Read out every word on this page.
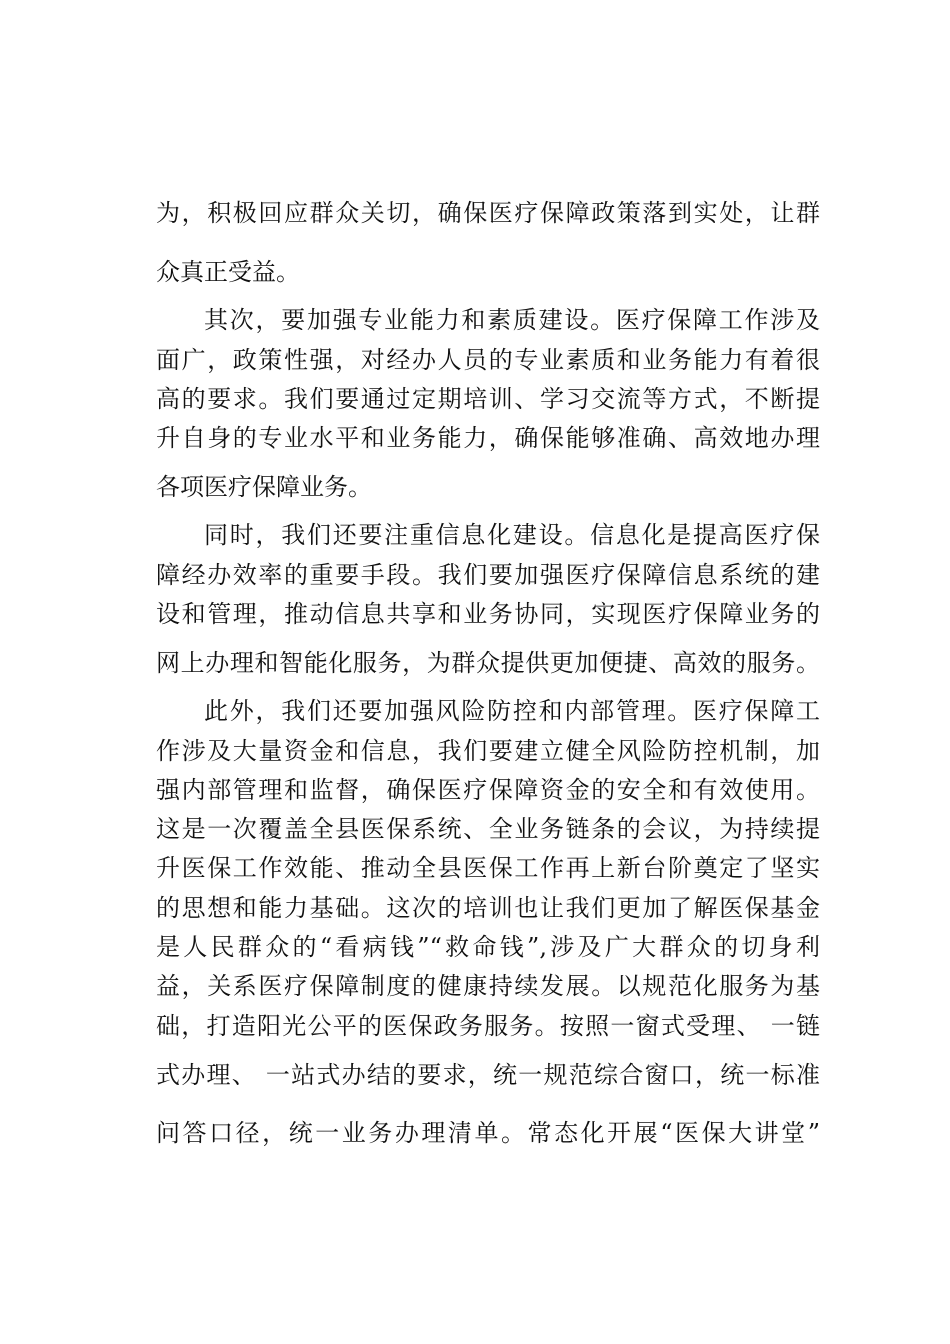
为，积极回应群众关切，确保医疗保障政策落到实处，让群
众真正受益。
其次，要加强专业能力和素质建设。医疗保障工作涉及
面广，政策性强，对经办人员的专业素质和业务能力有着很
高的要求。我们要通过定期培训、学习交流等方式，不断提
升自身的专业水平和业务能力，确保能够准确、高效地办理
各项医疗保障业务。
同时，我们还要注重信息化建设。信息化是提高医疗保
障经办效率的重要手段。我们要加强医疗保障信息系统的建
设和管理，推动信息共享和业务协同，实现医疗保障业务的
网上办理和智能化服务，为群众提供更加便捷、高效的服务。
此外，我们还要加强风险防控和内部管理。医疗保障工
作涉及大量资金和信息，我们要建立健全风险防控机制，加
强内部管理和监督，确保医疗保障资金的安全和有效使用。
这是一次覆盖全县医保系统、全业务链条的会议，为持续提
升医保工作效能、推动全县医保工作再上新台阶奠定了坚实
的思想和能力基础。这次的培训也让我们更加了解医保基金
是人民群众的“看病钱”“救命钱”,涉及广大群众的切身利
益，关系医疗保障制度的健康持续发展。以规范化服务为基
础，打造阳光公平的医保政务服务。按照一窗式受理、 一链
式办理、 一站式办结的要求，统一规范综合窗口，统一标准
问答口径，统一业务办理清单。常态化开展“医保大讲堂”
